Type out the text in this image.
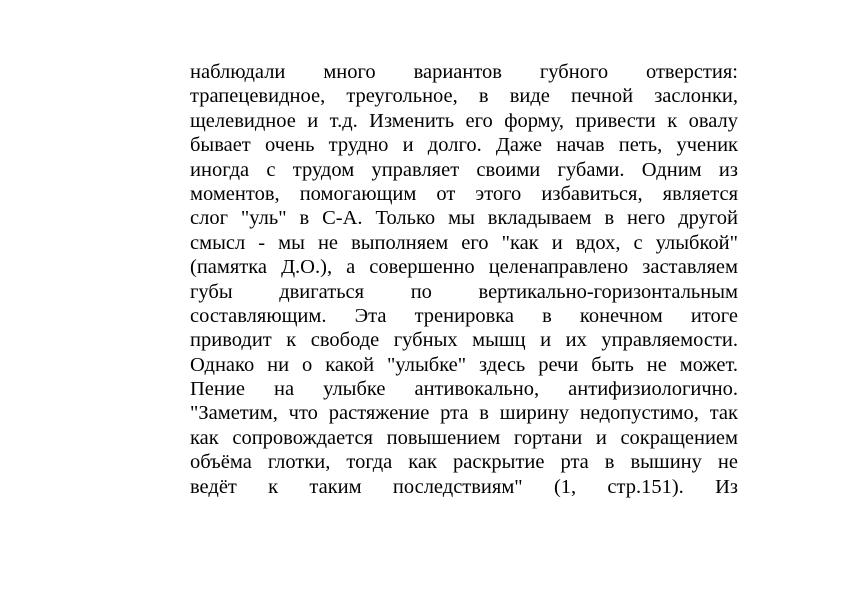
наблюдали много вариантов губного отверстия:
трапецевидное, треугольное, в виде печной заслонки,
щелевидное и т.д. Изменить его форму, привести к овалу
бывает очень трудно и долго. Даже начав петь, ученик
иногда с трудом управляет своими губами. Одним из
моментов, помогающим от этого избавиться, является
слог "уль" в С-А. Только мы вкладываем в него другой
смысл - мы не выполняем его "как и вдох, с улыбкой"
(памятка Д.О.), а совершенно целенаправлено заставляем
губы двигаться по вертикально-горизонтальным
составляющим. Эта тренировка в конечном итоге
приводит к свободе губных мышц и их управляемости.
Однако ни о какой "улыбке" здесь речи быть не может.
Пение на улыбке антивокально, антифизиологично.
"Заметим, что растяжение рта в ширину недопустимо, так
как сопровождается повышением гортани и сокращением
объёма глотки, тогда как раскрытие рта в вышину не
ведёт к таким последствиям" (1, стр.151). Из
